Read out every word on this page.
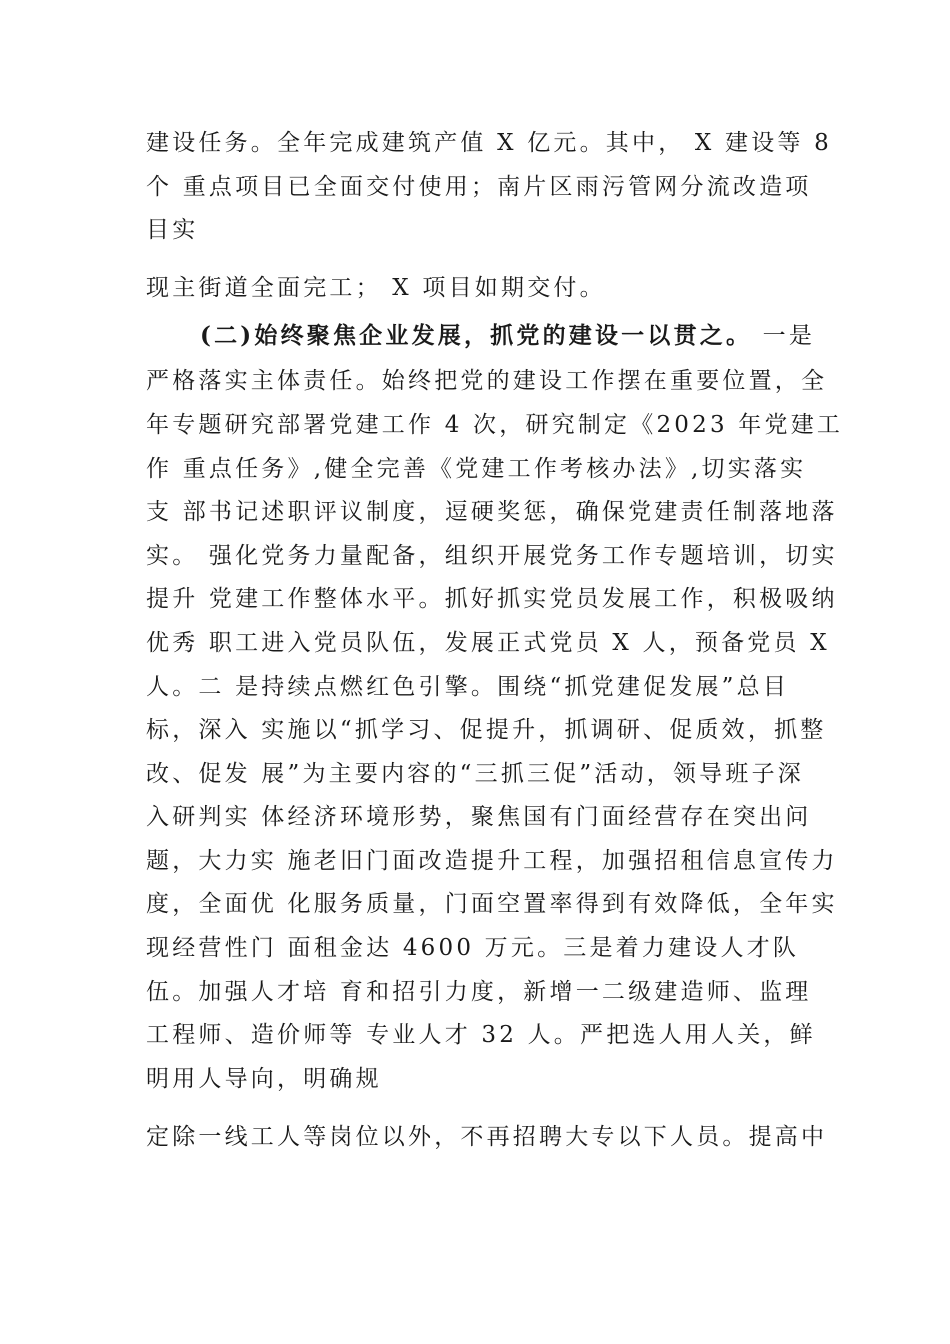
建设任务。全年完成建筑产值 X 亿元。其中， X 建设等 8
个 重点项目已全面交付使用；南片区雨污管网分流改造项
目实
现主街道全面完工； X 项目如期交付。
(二)始终聚焦企业发展，抓党的建设一以贯之。 一是
严格落实主体责任。始终把党的建设工作摆在重要位置，全
年专题研究部署党建工作 4 次，研究制定《2023 年党建工
作 重点任务》,健全完善《党建工作考核办法》,切实落实
支 部书记述职评议制度，逗硬奖惩，确保党建责任制落地落
实。 强化党务力量配备，组织开展党务工作专题培训，切实
提升 党建工作整体水平。抓好抓实党员发展工作，积极吸纳
优秀 职工进入党员队伍，发展正式党员 X 人，预备党员 X
人。二 是持续点燃红色引擎。围绕“抓党建促发展”总目
标，深入 实施以“抓学习、促提升，抓调研、促质效，抓整
改、促发 展”为主要内容的“三抓三促”活动，领导班子深
入研判实 体经济环境形势，聚焦国有门面经营存在突出问
题，大力实 施老旧门面改造提升工程，加强招租信息宣传力
度，全面优 化服务质量，门面空置率得到有效降低，全年实
现经营性门 面租金达 4600 万元。三是着力建设人才队
伍。加强人才培 育和招引力度，新增一二级建造师、监理
工程师、造价师等 专业人才 32 人。严把选人用人关，鲜
明用人导向，明确规
定除一线工人等岗位以外，不再招聘大专以下人员。提高中
